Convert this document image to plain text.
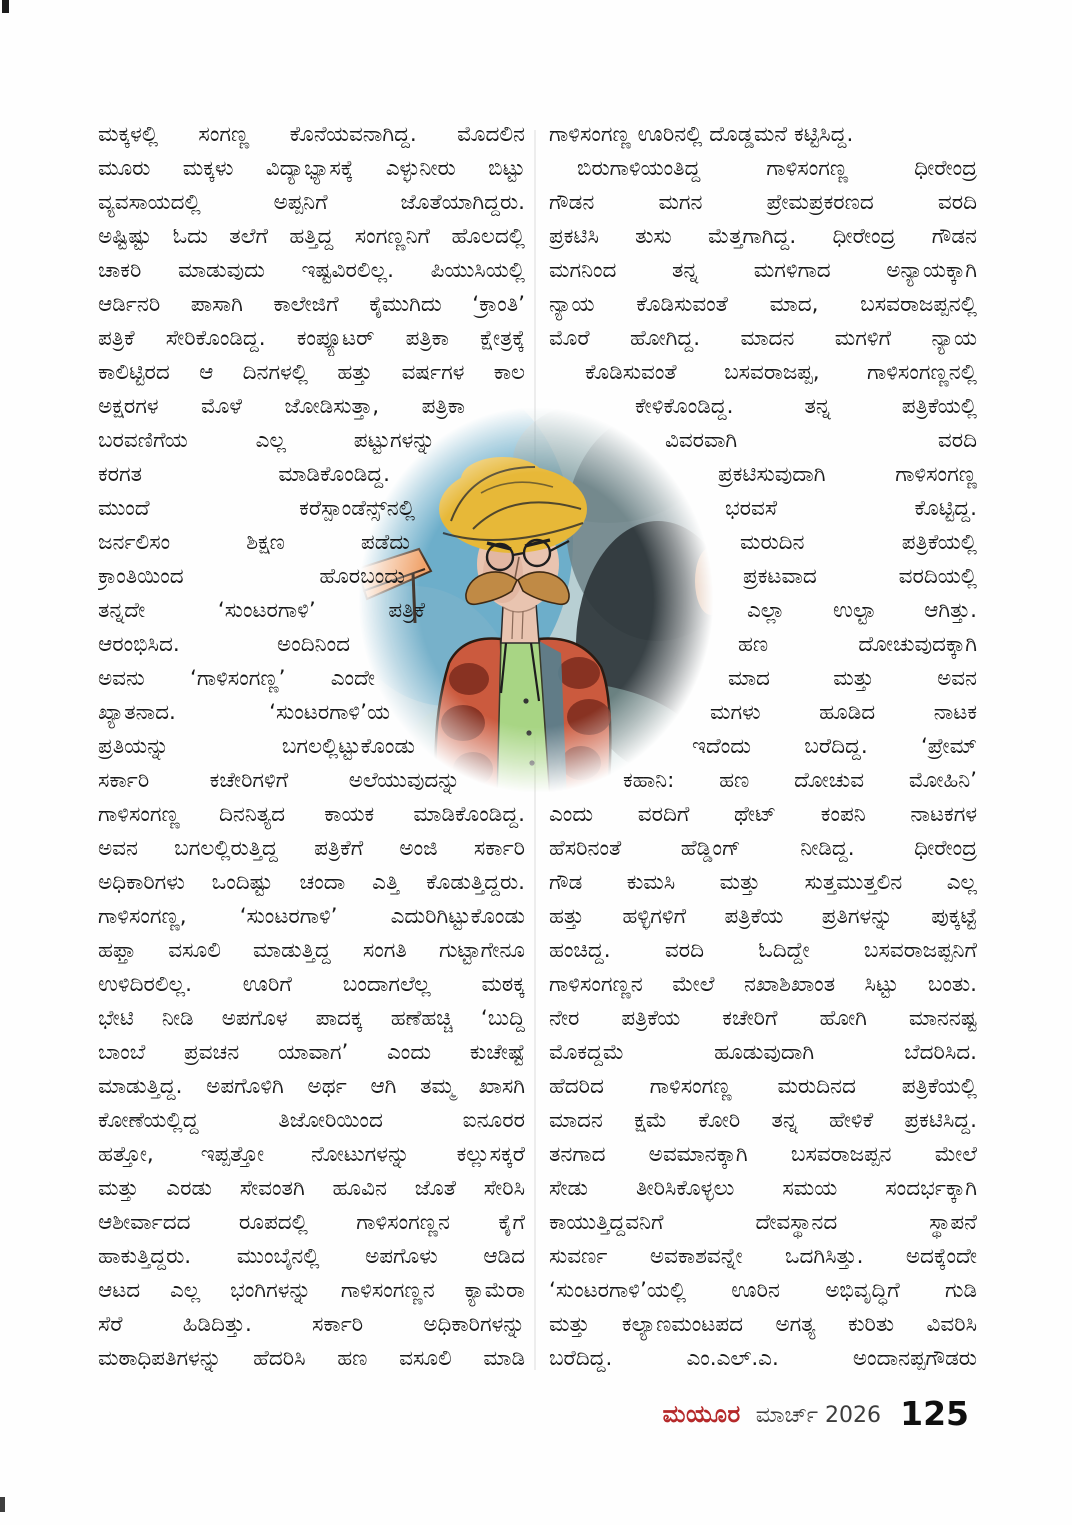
ಮಕ್ಕಳಲ್ಲಿ ಸಂಗಣ್ಣ ಕೊನೆಯವನಾಗಿದ್ದ. ಮೊದಲಿನ
ಮೂರು ಮಕ್ಕಳು ವಿದ್ಯಾಭ್ಯಾಸಕ್ಕೆ ಎಳ್ಳುನೀರು ಬಿಟ್ಟು
ವ್ಯವಸಾಯದಲ್ಲಿ ಅಪ್ಪನಿಗೆ ಜೊತೆಯಾಗಿದ್ದರು.
ಅಷ್ಟಿಷ್ಟು ಓದು ತಲೆಗೆ ಹತ್ತಿದ್ದ ಸಂಗಣ್ಣನಿಗೆ ಹೊಲದಲ್ಲಿ
ಚಾಕರಿ ಮಾಡುವುದು ಇಷ್ಟವಿರಲಿಲ್ಲ. ಪಿಯುಸಿಯಲ್ಲಿ
ಆರ್ಡಿನರಿ ಪಾಸಾಗಿ ಕಾಲೇಜಿಗೆ ಕೈಮುಗಿದು ‘ಕ್ರಾಂತಿ’
ಪತ್ರಿಕೆ ಸೇರಿಕೊಂಡಿದ್ದ. ಕಂಪ್ಯೂಟರ್ ಪತ್ರಿಕಾ ಕ್ಷೇತ್ರಕ್ಕೆ
ಕಾಲಿಟ್ಟಿರದ ಆ ದಿನಗಳಲ್ಲಿ ಹತ್ತು ವರ್ಷಗಳ ಕಾಲ
ಅಕ್ಷರಗಳ ಮೊಳೆ ಜೋಡಿಸುತ್ತಾ, ಪತ್ರಿಕಾ
ಬರವಣಿಗೆಯ ಎಲ್ಲ ಪಟ್ಟುಗಳನ್ನು
ಕರಗತ ಮಾಡಿಕೊಂಡಿದ್ದ.
ಮುಂದೆ ಕರೆಸ್ಪಾಂಡೆನ್ಸ್‌ನಲ್ಲಿ
ಜರ್ನಲಿಸಂ ಶಿಕ್ಷಣ ಪಡೆದು
ಕ್ರಾಂತಿಯಿಂದ ಹೊರಬಂದು
ತನ್ನದೇ ‘ಸುಂಟರಗಾಳಿ’ ಪತ್ರಿಕೆ
ಆರಂಭಿಸಿದ. ಅಂದಿನಿಂದ
ಅವನು ‘ಗಾಳಿಸಂಗಣ್ಣ’ ಎಂದೇ
ಖ್ಯಾತನಾದ. ‘ಸುಂಟರಗಾಳಿ’ಯ
ಪ್ರತಿಯನ್ನು ಬಗಲಲ್ಲಿಟ್ಟುಕೊಂಡು
ಸರ್ಕಾರಿ ಕಚೇರಿಗಳಿಗೆ ಅಲೆಯುವುದನ್ನು
ಗಾಳಿಸಂಗಣ್ಣ ದಿನನಿತ್ಯದ ಕಾಯಕ ಮಾಡಿಕೊಂಡಿದ್ದ.
ಅವನ ಬಗಲಲ್ಲಿರುತ್ತಿದ್ದ ಪತ್ರಿಕೆಗೆ ಅಂಜಿ ಸರ್ಕಾರಿ
ಅಧಿಕಾರಿಗಳು ಒಂದಿಷ್ಟು ಚಂದಾ ಎತ್ತಿ ಕೊಡುತ್ತಿದ್ದರು.
ಗಾಳಿಸಂಗಣ್ಣ, ‘ಸುಂಟರಗಾಳಿ’ ಎದುರಿಗಿಟ್ಟುಕೊಂಡು
ಹಫ್ತಾ ವಸೂಲಿ ಮಾಡುತ್ತಿದ್ದ ಸಂಗತಿ ಗುಟ್ಟಾಗೇನೂ
ಉಳಿದಿರಲಿಲ್ಲ. ಊರಿಗೆ ಬಂದಾಗಲೆಲ್ಲ ಮಠಕ್ಕ
ಭೇಟಿ ನೀಡಿ ಅಪಗೊಳ ಪಾದಕ್ಕ ಹಣೆಹಚ್ಚಿ ‘ಬುದ್ದಿ
ಬಾಂಬೆ ಪ್ರವಚನ ಯಾವಾಗ’ ಎಂದು ಕುಚೇಷ್ಟೆ
ಮಾಡುತ್ತಿದ್ದ. ಅಪಗೊಳಿಗಿ ಅರ್ಥ ಆಗಿ ತಮ್ಮ ಖಾಸಗಿ
ಕೋಣೆಯಲ್ಲಿದ್ದ ತಿಜೋರಿಯಿಂದ ಐನೂರರ
ಹತ್ತೋ, ಇಪ್ಪತ್ತೋ ನೋಟುಗಳನ್ನು ಕಲ್ಲುಸಕ್ಕರೆ
ಮತ್ತು ಎರಡು ಸೇವಂತಗಿ ಹೂವಿನ ಜೊತೆ ಸೇರಿಸಿ
ಆಶೀರ್ವಾದದ ರೂಪದಲ್ಲಿ ಗಾಳಿಸಂಗಣ್ಣನ ಕೈಗೆ
ಹಾಕುತ್ತಿದ್ದರು. ಮುಂಬೈನಲ್ಲಿ ಅಪಗೊಳು ಆಡಿದ
ಆಟದ ಎಲ್ಲ ಭಂಗಿಗಳನ್ನು ಗಾಳಿಸಂಗಣ್ಣನ ಕ್ಯಾಮೆರಾ
ಸೆರೆ ಹಿಡಿದಿತ್ತು. ಸರ್ಕಾರಿ ಅಧಿಕಾರಿಗಳನ್ನು
ಮಠಾಧಿಪತಿಗಳನ್ನು ಹೆದರಿಸಿ ಹಣ ವಸೂಲಿ ಮಾಡಿ
ಗಾಳಿಸಂಗಣ್ಣ ಊರಿನಲ್ಲಿ ದೊಡ್ಡಮನೆ ಕಟ್ಟಿಸಿದ್ದ.
ಬಿರುಗಾಳಿಯಂತಿದ್ದ ಗಾಳಿಸಂಗಣ್ಣ ಧೀರೇಂದ್ರ
ಗೌಡನ ಮಗನ ಪ್ರೇಮಪ್ರಕರಣದ ವರದಿ
ಪ್ರಕಟಿಸಿ ತುಸು ಮೆತ್ತಗಾಗಿದ್ದ. ಧೀರೇಂದ್ರ ಗೌಡನ
ಮಗನಿಂದ ತನ್ನ ಮಗಳಿಗಾದ ಅನ್ಯಾಯಕ್ಕಾಗಿ
ನ್ಯಾಯ ಕೊಡಿಸುವಂತೆ ಮಾದ, ಬಸವರಾಜಪ್ಪನಲ್ಲಿ
ಮೊರೆ ಹೋಗಿದ್ದ. ಮಾದನ ಮಗಳಿಗೆ ನ್ಯಾಯ
ಕೊಡಿಸುವಂತೆ ಬಸವರಾಜಪ್ಪ, ಗಾಳಿಸಂಗಣ್ಣನಲ್ಲಿ
ಕೇಳಿಕೊಂಡಿದ್ದ. ತನ್ನ ಪತ್ರಿಕೆಯಲ್ಲಿ
ವಿವರವಾಗಿ ವರದಿ
ಪ್ರಕಟಿಸುವುದಾಗಿ ಗಾಳಿಸಂಗಣ್ಣ
ಭರವಸೆ ಕೊಟ್ಟಿದ್ದ.
ಮರುದಿನ ಪತ್ರಿಕೆಯಲ್ಲಿ
ಪ್ರಕಟವಾದ ವರದಿಯಲ್ಲಿ
ಎಲ್ಲಾ ಉಲ್ಟಾ ಆಗಿತ್ತು.
ಹಣ ದೋಚುವುದಕ್ಕಾಗಿ
ಮಾದ ಮತ್ತು ಅವನ
ಮಗಳು ಹೂಡಿದ ನಾಟಕ
ಇದೆಂದು ಬರೆದಿದ್ದ. ‘ಪ್ರೇಮ್
ಕಹಾನಿ: ಹಣ ದೋಚುವ ಮೋಹಿನಿ’
ಎಂದು ವರದಿಗೆ ಥೇಟ್ ಕಂಪನಿ ನಾಟಕಗಳ
ಹೆಸರಿನಂತೆ ಹೆಡ್ಡಿಂಗ್ ನೀಡಿದ್ದ. ಧೀರೇಂದ್ರ
ಗೌಡ ಕುಮಸಿ ಮತ್ತು ಸುತ್ತಮುತ್ತಲಿನ ಎಲ್ಲ
ಹತ್ತು ಹಳ್ಳಿಗಳಿಗೆ ಪತ್ರಿಕೆಯ ಪ್ರತಿಗಳನ್ನು ಪುಕ್ಕಟ್ಟೆ
ಹಂಚಿದ್ದ. ವರದಿ ಓದಿದ್ದೇ ಬಸವರಾಜಪ್ಪನಿಗೆ
ಗಾಳಿಸಂಗಣ್ಣನ ಮೇಲೆ ನಖಾಶಿಖಾಂತ ಸಿಟ್ಟು ಬಂತು.
ನೇರ ಪತ್ರಿಕೆಯ ಕಚೇರಿಗೆ ಹೋಗಿ ಮಾನನಷ್ಟ
ಮೊಕದ್ದಮೆ ಹೂಡುವುದಾಗಿ ಬೆದರಿಸಿದ.
ಹೆದರಿದ ಗಾಳಿಸಂಗಣ್ಣ ಮರುದಿನದ ಪತ್ರಿಕೆಯಲ್ಲಿ
ಮಾದನ ಕ್ಷಮೆ ಕೋರಿ ತನ್ನ ಹೇಳಿಕೆ ಪ್ರಕಟಿಸಿದ್ದ.
ತನಗಾದ ಅವಮಾನಕ್ಕಾಗಿ ಬಸವರಾಜಪ್ಪನ ಮೇಲೆ
ಸೇಡು ತೀರಿಸಿಕೊಳ್ಳಲು ಸಮಯ ಸಂದರ್ಭಕ್ಕಾಗಿ
ಕಾಯುತ್ತಿದ್ದವನಿಗೆ ದೇವಸ್ಥಾನದ ಸ್ಥಾಪನೆ
ಸುವರ್ಣ ಅವಕಾಶವನ್ನೇ ಒದಗಿಸಿತ್ತು. ಅದಕ್ಕೆಂದೇ
‘ಸುಂಟರಗಾಳಿ’ಯಲ್ಲಿ ಊರಿನ ಅಭಿವೃದ್ಧಿಗೆ ಗುಡಿ
ಮತ್ತು ಕಲ್ಯಾಣಮಂಟಪದ ಅಗತ್ಯ ಕುರಿತು ವಿವರಿಸಿ
ಬರೆದಿದ್ದ. ಎಂ.ಎಲ್.ಎ. ಅಂದಾನಪ್ಪಗೌಡರು
ಮಯೂರ ಮಾರ್ಚ್ 2026 125
